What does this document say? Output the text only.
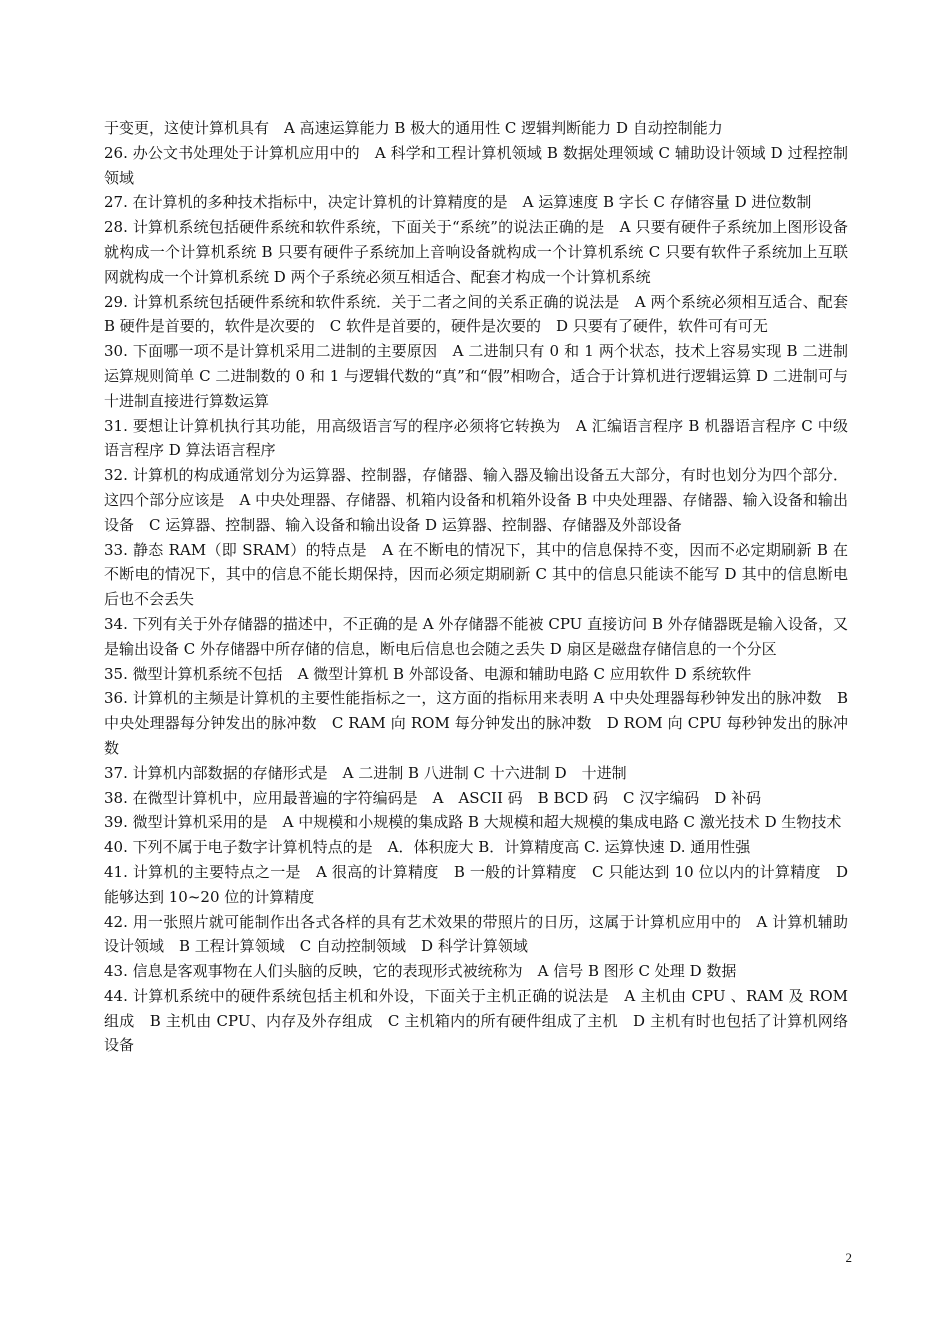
于变更，这使计算机具有　A 高速运算能力 B 极大的通用性 C 逻辑判断能力 D 自动控制能力

26. 办公文书处理处于计算机应用中的　A 科学和工程计算机领域 B 数据处理领域 C 辅助设计领域 D 过程控制领域

27. 在计算机的多种技术指标中，决定计算机的计算精度的是　A 运算速度 B 字长 C 存储容量 D 进位数制

28. 计算机系统包括硬件系统和软件系统，下面关于“系统”的说法正确的是　A 只要有硬件子系统加上图形设备就构成一个计算机系统 B 只要有硬件子系统加上音响设备就构成一个计算机系统 C 只要有软件子系统加上互联网就构成一个计算机系统 D 两个子系统必须互相适合、配套才构成一个计算机系统

29. 计算机系统包括硬件系统和软件系统．关于二者之间的关系正确的说法是　A 两个系统必须相互适合、配套　B 硬件是首要的，软件是次要的　C 软件是首要的，硬件是次要的　D 只要有了硬件，软件可有可无

30. 下面哪一项不是计算机采用二进制的主要原因　A 二进制只有 0 和 1 两个状态，技术上容易实现 B 二进制运算规则简单 C 二进制数的 0 和 1 与逻辑代数的“真”和“假”相吻合，适合于计算机进行逻辑运算 D 二进制可与十进制直接进行算数运算

31. 要想让计算机执行其功能，用高级语言写的程序必须将它转换为　A 汇编语言程序 B 机器语言程序 C 中级语言程序 D 算法语言程序

32. 计算机的构成通常划分为运算器、控制器，存储器、输入器及输出设备五大部分，有时也划分为四个部分．这四个部分应该是　A 中央处理器、存储器、机箱内设备和机箱外设备 B 中央处理器、存储器、输入设备和输出设备　C 运算器、控制器、输入设备和输出设备 D 运算器、控制器、存储器及外部设备

33. 静态 RAM（即 SRAM）的特点是　A 在不断电的情况下，其中的信息保持不变，因而不必定期刷新 B 在不断电的情况下，其中的信息不能长期保持，因而必须定期刷新 C 其中的信息只能读不能写 D 其中的信息断电后也不会丢失

34. 下列有关于外存储器的描述中，不正确的是 A 外存储器不能被 CPU 直接访问 B 外存储器既是输入设备，又是输出设备 C 外存储器中所存储的信息，断电后信息也会随之丢失 D 扇区是磁盘存储信息的一个分区

35. 微型计算机系统不包括　A 微型计算机 B 外部设备、电源和辅助电路 C 应用软件 D 系统软件

36. 计算机的主频是计算机的主要性能指标之一，这方面的指标用来表明 A 中央处理器每秒钟发出的脉冲数　B 中央处理器每分钟发出的脉冲数　C RAM 向 ROM 每分钟发出的脉冲数　D ROM 向 CPU 每秒钟发出的脉冲数

37. 计算机内部数据的存储形式是　A 二进制 B 八进制 C 十六进制 D　十进制

38. 在微型计算机中，应用最普遍的字符编码是　A　ASCII 码　B BCD 码　C 汉字编码　D 补码

39. 微型计算机采用的是　A 中规模和小规模的集成路 B 大规模和超大规模的集成电路 C 激光技术 D 生物技术

40. 下列不属于电子数字计算机特点的是　A．体积庞大 B．计算精度高 C. 运算快速 D. 通用性强

41. 计算机的主要特点之一是　A 很高的计算精度　B 一般的计算精度　C 只能达到 10 位以内的计算精度　D 能够达到 10~20 位的计算精度

42. 用一张照片就可能制作出各式各样的具有艺术效果的带照片的日历，这属于计算机应用中的　A 计算机辅助设计领域　B 工程计算领域　C 自动控制领域　D 科学计算领域

43. 信息是客观事物在人们头脑的反映，它的表现形式被统称为　A 信号 B 图形 C 处理 D 数据

44. 计算机系统中的硬件系统包括主机和外设，下面关于主机正确的说法是　A 主机由 CPU 、RAM 及 ROM 组成　B 主机由 CPU、内存及外存组成　C 主机箱内的所有硬件组成了主机　D 主机有时也包括了计算机网络设备

2
